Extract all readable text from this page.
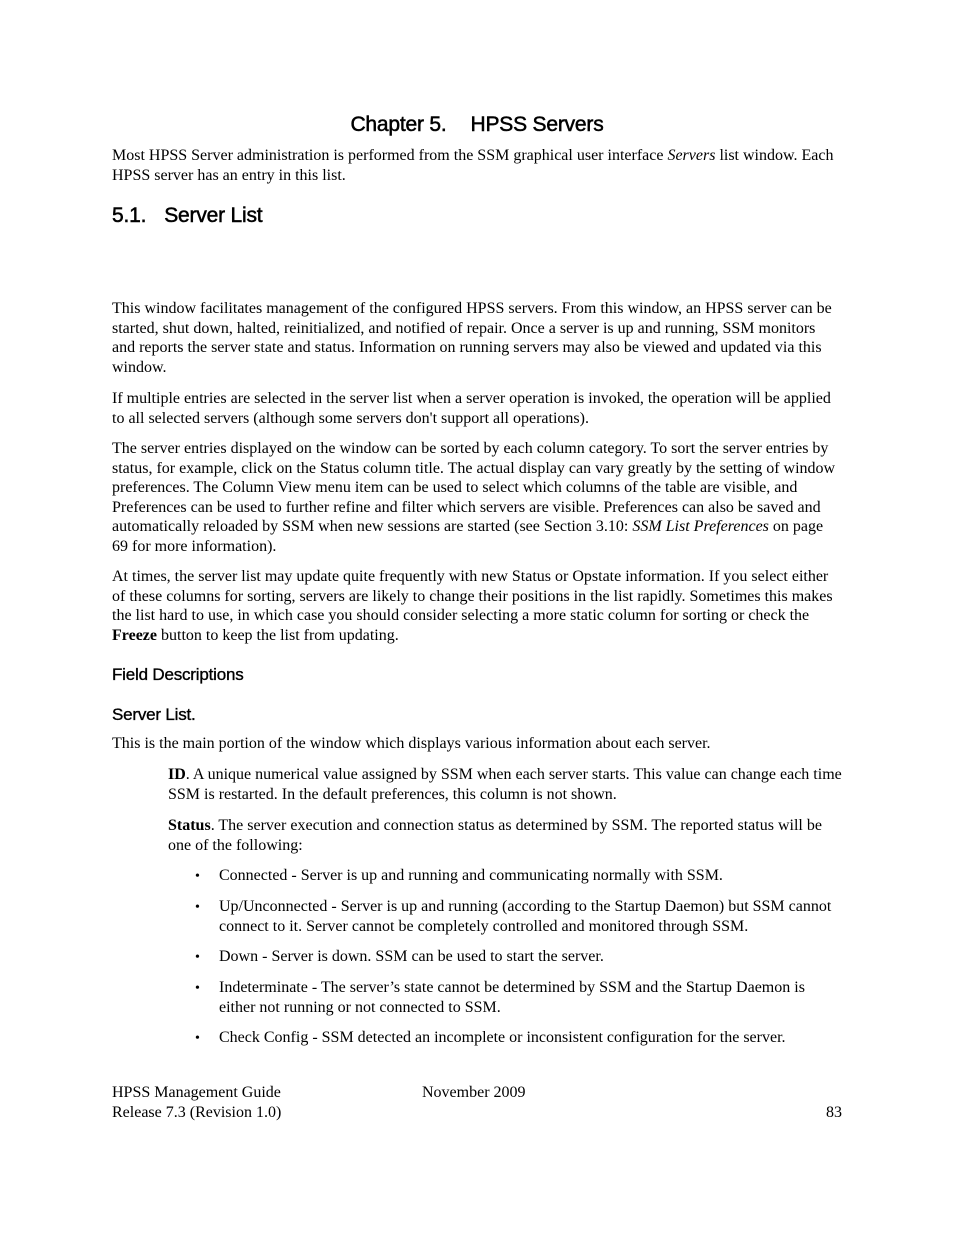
Chapter 5. HPSS Servers

Most HPSS Server administration is performed from the SSM graphical user interface Servers list window. Each HPSS server has an entry in this list.

5.1. Server List

This window facilitates management of the configured HPSS servers. From this window, an HPSS server can be started, shut down, halted, reinitialized, and notified of repair. Once a server is up and running, SSM monitors and reports the server state and status. Information on running servers may also be viewed and updated via this window.

If multiple entries are selected in the server list when a server operation is invoked, the operation will be applied to all selected servers (although some servers don't support all operations).

The server entries displayed on the window can be sorted by each column category. To sort the server entries by status, for example, click on the Status column title. The actual display can vary greatly by the setting of window preferences. The Column View menu item can be used to select which columns of the table are visible, and Preferences can be used to further refine and filter which servers are visible. Preferences can also be saved and automatically reloaded by SSM when new sessions are started (see Section 3.10: SSM List Preferences on page 69 for more information).

At times, the server list may update quite frequently with new Status or Opstate information. If you select either of these columns for sorting, servers are likely to change their positions in the list rapidly. Sometimes this makes the list hard to use, in which case you should consider selecting a more static column for sorting or check the Freeze button to keep the list from updating.

Field Descriptions
Server List.

This is the main portion of the window which displays various information about each server.

ID. A unique numerical value assigned by SSM when each server starts. This value can change each time SSM is restarted. In the default preferences, this column is not shown.

Status. The server execution and connection status as determined by SSM. The reported status will be one of the following:

•	Connected - Server is up and running and communicating normally with SSM.

•	Up/Unconnected - Server is up and running (according to the Startup Daemon) but SSM cannot connect to it. Server cannot be completely controlled and monitored through SSM.

•	Down - Server is down. SSM can be used to start the server.

•	Indeterminate - The server’s state cannot be determined by SSM and the Startup Daemon is either not running or not connected to SSM.

•	Check Config - SSM detected an incomplete or inconsistent configuration for the server.

HPSS Management Guide

Release 7.3 (Revision 1.0)

November 2009

83
